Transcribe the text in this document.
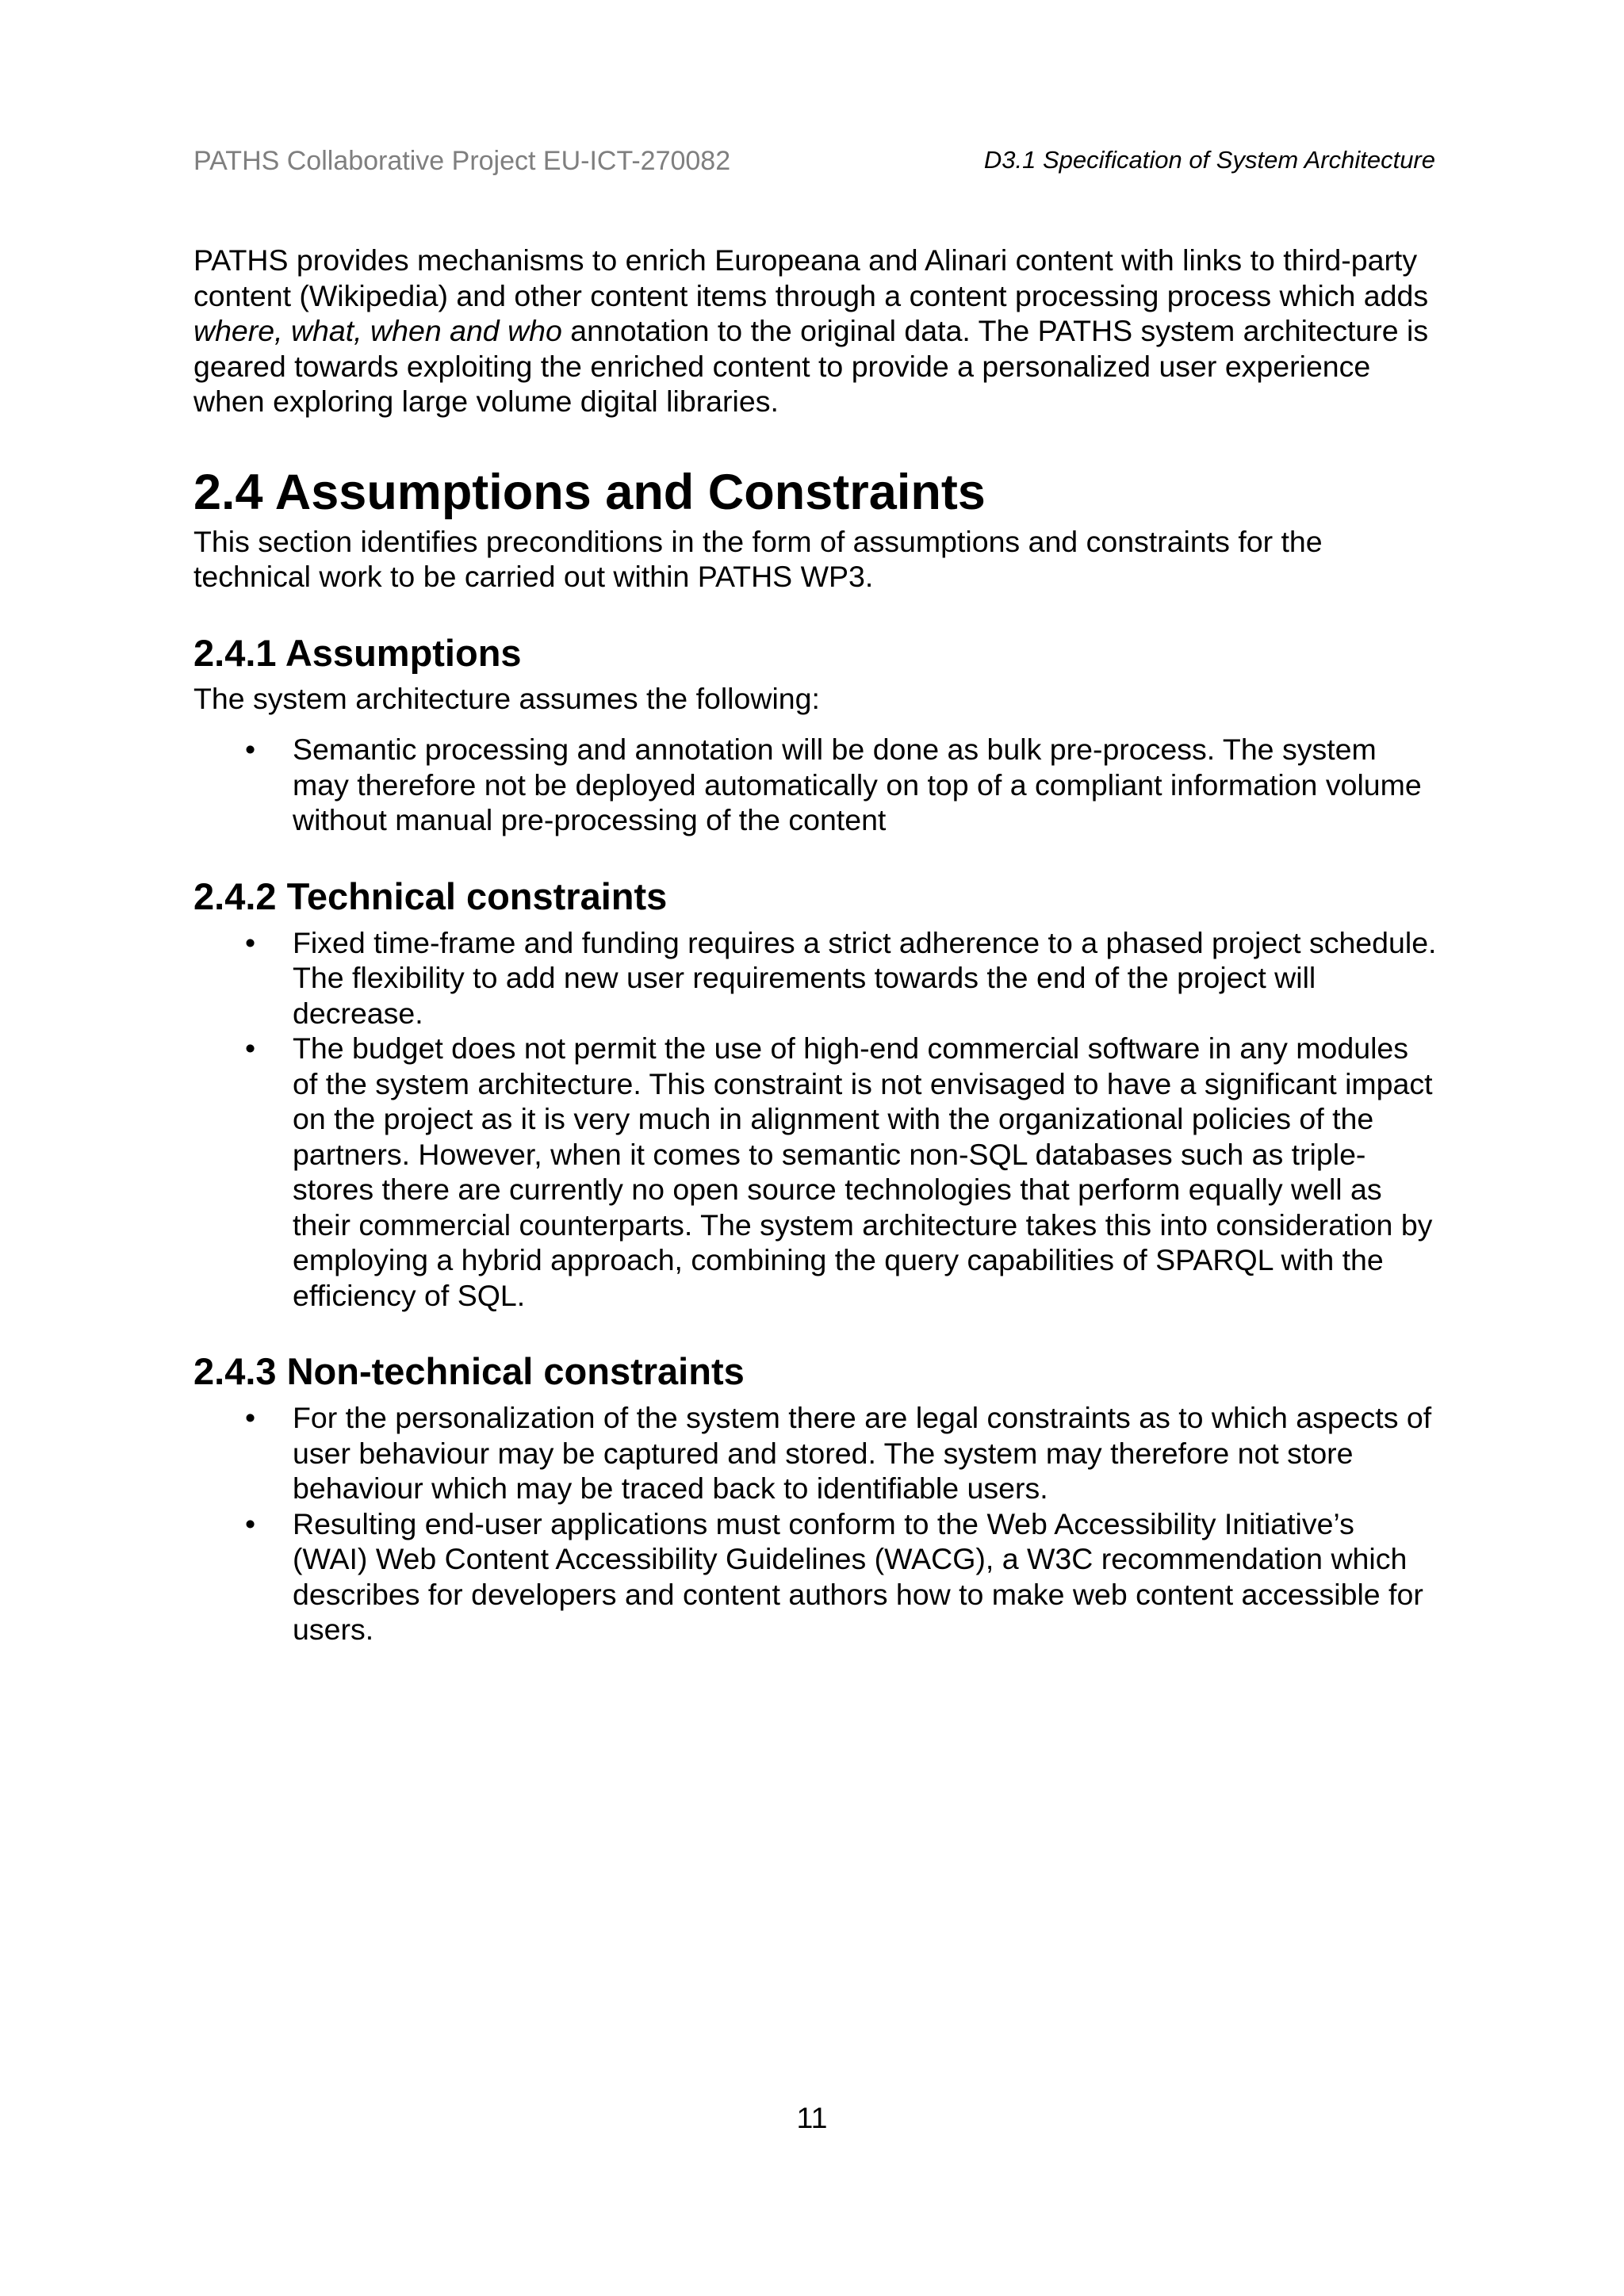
PATHS Collaborative Project EU-ICT-270082	D3.1 Specification of System Architecture

PATHS provides mechanisms to enrich Europeana and Alinari content with links to third-party content (Wikipedia) and other content items through a content processing process which adds where, what, when and who annotation to the original data. The PATHS system architecture is geared towards exploiting the enriched content to provide a personalized user experience when exploring large volume digital libraries.

2.4 Assumptions and Constraints

This section identifies preconditions in the form of assumptions and constraints for the technical work to be carried out within PATHS WP3.

2.4.1 Assumptions

The system architecture assumes the following:

• Semantic processing and annotation will be done as bulk pre-process. The system may therefore not be deployed automatically on top of a compliant information volume without manual pre-processing of the content
2.4.2 Technical constraints
• Fixed time-frame and funding requires a strict adherence to a phased project schedule. The flexibility to add new user requirements towards the end of the project will decrease.
• The budget does not permit the use of high-end commercial software in any modules of the system architecture. This constraint is not envisaged to have a significant impact on the project as it is very much in alignment with the organizational policies of the partners. However, when it comes to semantic non-SQL databases such as triple-stores there are currently no open source technologies that perform equally well as their commercial counterparts. The system architecture takes this into consideration by employing a hybrid approach, combining the query capabilities of SPARQL with the efficiency of SQL.
2.4.3 Non-technical constraints
• For the personalization of the system there are legal constraints as to which aspects of user behaviour may be captured and stored. The system may therefore not store behaviour which may be traced back to identifiable users.
• Resulting end-user applications must conform to the Web Accessibility Initiative’s (WAI) Web Content Accessibility Guidelines (WACG), a W3C recommendation which describes for developers and content authors how to make web content accessible for users.
11
